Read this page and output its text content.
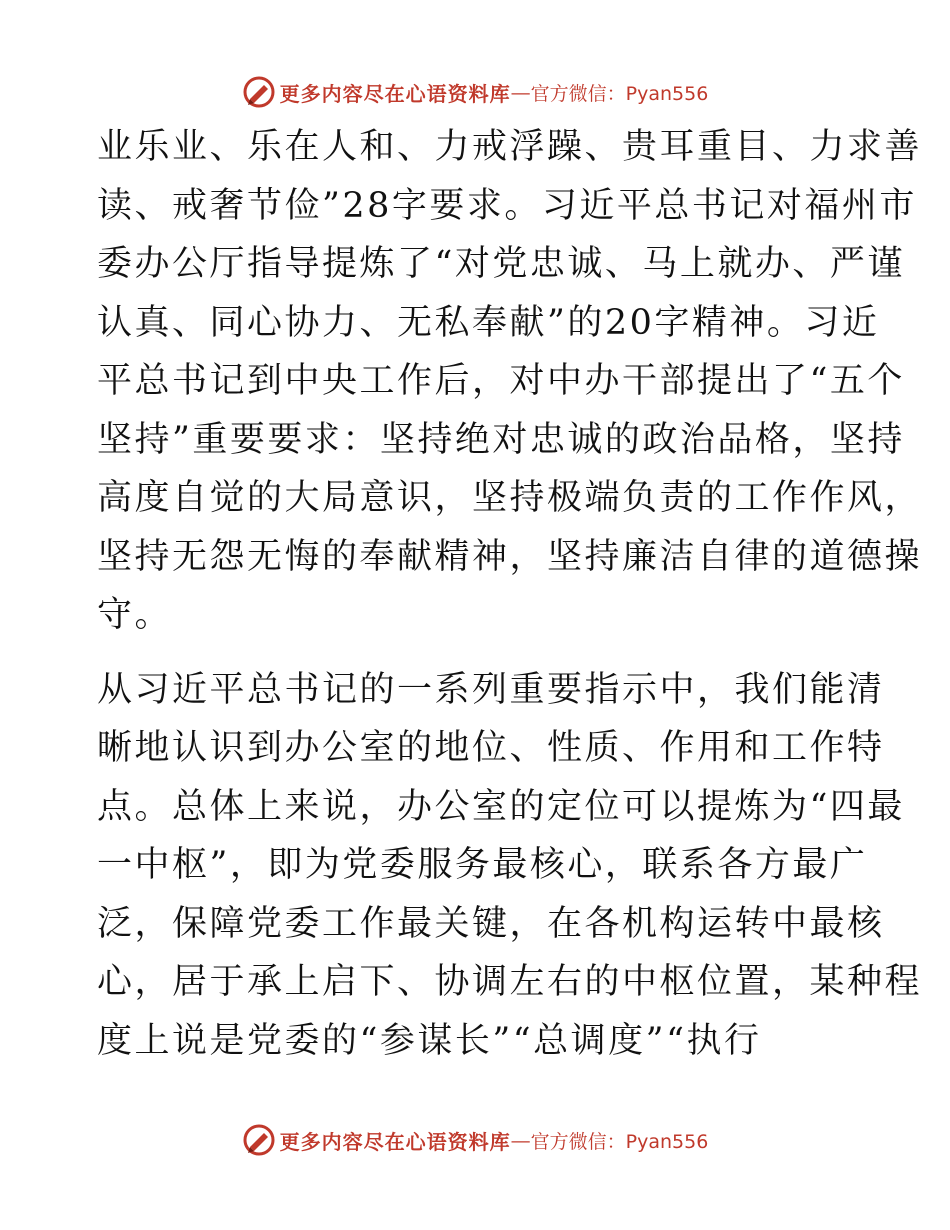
更多内容尽在心语资料库 — 官方微信：Pyan556

业乐业、乐在人和、力戒浮躁、贵耳重目、力求善
读、戒奢节俭”28字要求。习近平总书记对福州市
委办公厅指导提炼了“对党忠诚、马上就办、严谨
认真、同心协力、无私奉献”的20字精神。习近
平总书记到中央工作后，对中办干部提出了“五个
坚持”重要要求：坚持绝对忠诚的政治品格，坚持
高度自觉的大局意识，坚持极端负责的工作作风，
坚持无怨无悔的奉献精神，坚持廉洁自律的道德操
守。

从习近平总书记的一系列重要指示中，我们能清
晰地认识到办公室的地位、性质、作用和工作特
点。总体上来说，办公室的定位可以提炼为“四最
一中枢”，即为党委服务最核心，联系各方最广
泛，保障党委工作最关键，在各机构运转中最核
心，居于承上启下、协调左右的中枢位置，某种程
度上说是党委的“参谋长”“总调度”“执行

更多内容尽在心语资料库 — 官方微信：Pyan556
